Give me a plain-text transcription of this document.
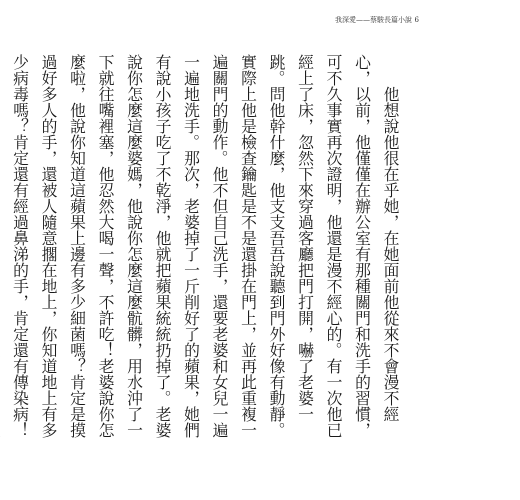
我深愛——蔡駿長篇小說 6

他想說他很在乎她，在她面前他從來不會漫不經心，以前，他僅僅在辦公室有那種關門和洗手的習慣，可不久事實再次證明，他還是漫不經心的。有一次他已經上了床，忽然下來穿過客廳把門打開，嚇了老婆一跳。問他幹什麼，他支支吾吾說聽到門外好像有動靜。實際上他是檢查鑰匙是不是還掛在門上，並再此重複一遍關門的動作。他不但自己洗手，還要老婆和女兒一遍一遍地洗手。那次，老婆掉了一斤削好了的蘋果，她們有說小孩子吃了不乾淨，他就把蘋果統統扔掉了。老婆說你怎麼這麼婆媽，他說你怎麼這麼骯髒，用水沖了一下就往嘴裡塞，他忍然大喝一聲，不許吃！老婆說你怎麼啦，他說你知道這蘋果上邊有多少細菌嗎？肯定是摸過好多人的手，還被人隨意擱在地上，你知道地上有多少病毒嗎？肯定還有經過鼻涕的手，肯定還有傳染病！
